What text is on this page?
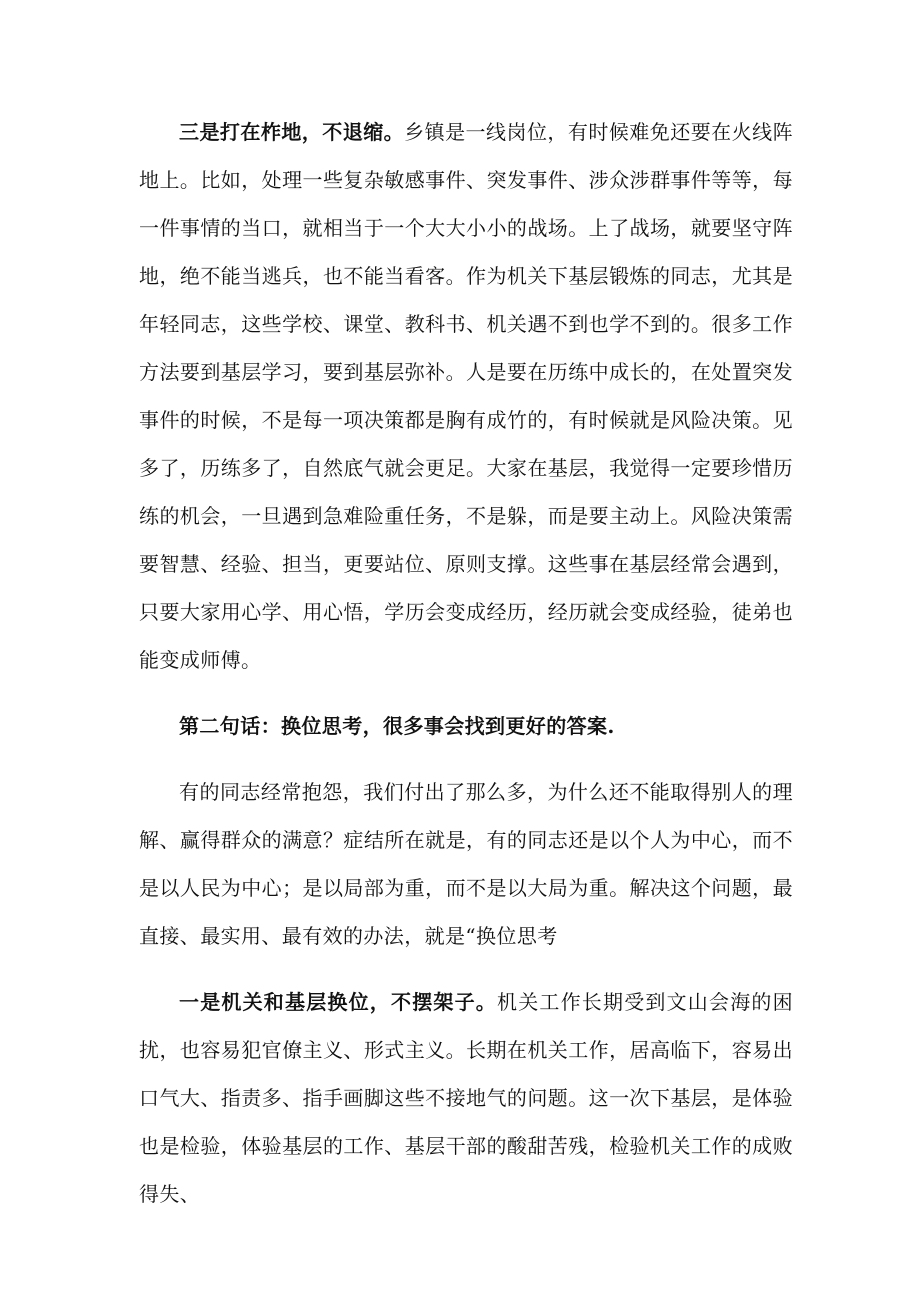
三是打在柞地，不退缩。乡镇是一线岗位，有时候难免还要在火线阵地上。比如，处理一些复杂敏感事件、突发事件、涉众涉群事件等等，每一件事情的当口，就相当于一个大大小小的战场。上了战场，就要坚守阵地，绝不能当逃兵，也不能当看客。作为机关下基层锻炼的同志，尤其是年轻同志，这些学校、课堂、教科书、机关遇不到也学不到的。很多工作方法要到基层学习，要到基层弥补。人是要在历练中成长的，在处置突发事件的时候，不是每一项决策都是胸有成竹的，有时候就是风险决策。见多了，历练多了，自然底气就会更足。大家在基层，我觉得一定要珍惜历练的机会，一旦遇到急难险重任务，不是躲，而是要主动上。风险决策需要智慧、经验、担当，更要站位、原则支撑。这些事在基层经常会遇到，只要大家用心学、用心悟，学历会变成经历，经历就会变成经验，徒弟也能变成师傅。

第二句话：换位思考，很多事会找到更好的答案.

有的同志经常抱怨，我们付出了那么多，为什么还不能取得别人的理解、赢得群众的满意？症结所在就是，有的同志还是以个人为中心，而不是以人民为中心；是以局部为重，而不是以大局为重。解决这个问题，最直接、最实用、最有效的办法，就是“换位思考

一是机关和基层换位，不摆架子。机关工作长期受到文山会海的困扰，也容易犯官僚主义、形式主义。长期在机关工作，居高临下，容易出口气大、指责多、指手画脚这些不接地气的问题。这一次下基层，是体验也是检验，体验基层的工作、基层干部的酸甜苦残，检验机关工作的成败得失、
